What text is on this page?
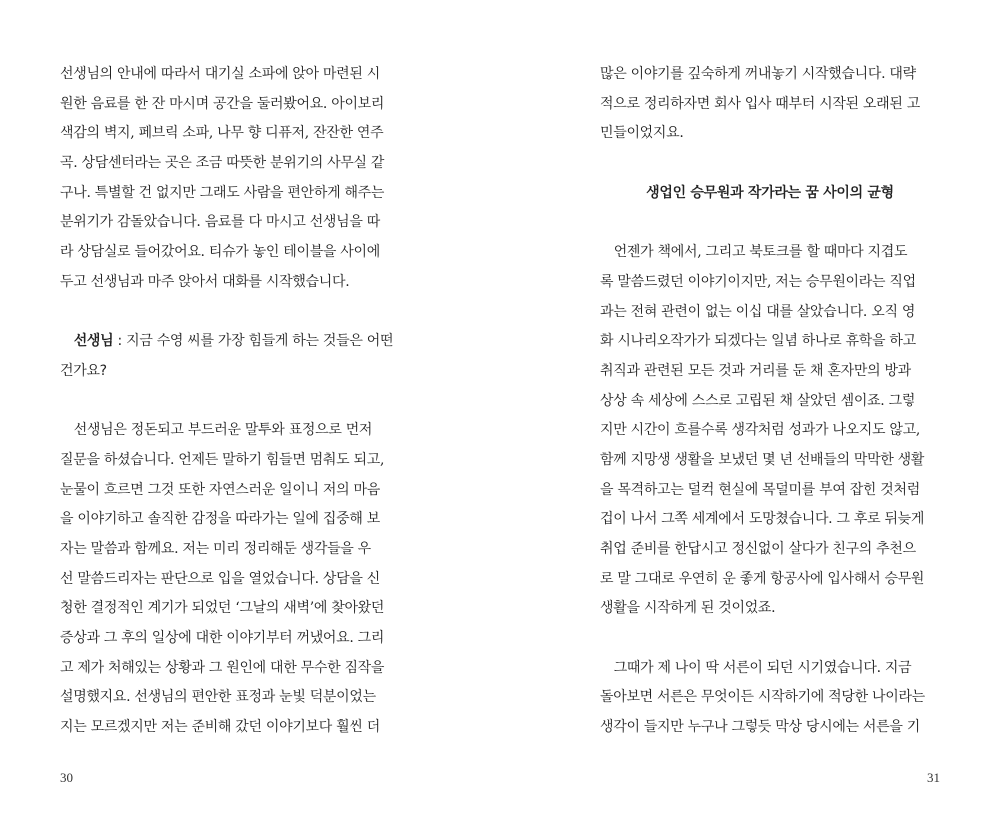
선생님의 안내에 따라서 대기실 소파에 앉아 마련된 시
원한 음료를 한 잔 마시며 공간을 둘러봤어요. 아이보리
색감의 벽지, 페브릭 소파, 나무 향 디퓨저, 잔잔한 연주
곡. 상담센터라는 곳은 조금 따뜻한 분위기의 사무실 같
구나. 특별할 건 없지만 그래도 사람을 편안하게 해주는
분위기가 감돌았습니다. 음료를 다 마시고 선생님을 따
라 상담실로 들어갔어요. 티슈가 놓인 테이블을 사이에
두고 선생님과 마주 앉아서 대화를 시작했습니다.
　선생님 : 지금 수영 씨를 가장 힘들게 하는 것들은 어떤
건가요?
　선생님은 정돈되고 부드러운 말투와 표정으로 먼저
질문을 하셨습니다. 언제든 말하기 힘들면 멈춰도 되고,
눈물이 흐르면 그것 또한 자연스러운 일이니 저의 마음
을 이야기하고 솔직한 감정을 따라가는 일에 집중해 보
자는 말씀과 함께요. 저는 미리 정리해둔 생각들을 우
선 말씀드리자는 판단으로 입을 열었습니다. 상담을 신
청한 결정적인 계기가 되었던 ‘그날의 새벽’에 찾아왔던
증상과 그 후의 일상에 대한 이야기부터 꺼냈어요. 그리
고 제가 처해있는 상황과 그 원인에 대한 무수한 짐작을
설명했지요. 선생님의 편안한 표정과 눈빛 덕분이었는
지는 모르겠지만 저는 준비해 갔던 이야기보다 훨씬 더
30
많은 이야기를 깊숙하게 꺼내놓기 시작했습니다. 대략
적으로 정리하자면 회사 입사 때부터 시작된 오래된 고
민들이었지요.
생업인 승무원과 작가라는 꿈 사이의 균형
　언젠가 책에서, 그리고 북토크를 할 때마다 지겹도
록 말씀드렸던 이야기이지만, 저는 승무원이라는 직업
과는 전혀 관련이 없는 이십 대를 살았습니다. 오직 영
화 시나리오작가가 되겠다는 일념 하나로 휴학을 하고
취직과 관련된 모든 것과 거리를 둔 채 혼자만의 방과
상상 속 세상에 스스로 고립된 채 살았던 셈이죠. 그렇
지만 시간이 흐를수록 생각처럼 성과가 나오지도 않고,
함께 지망생 생활을 보냈던 몇 년 선배들의 막막한 생활
을 목격하고는 덜컥 현실에 목덜미를 부여 잡힌 것처럼
겁이 나서 그쪽 세계에서 도망쳤습니다. 그 후로 뒤늦게
취업 준비를 한답시고 정신없이 살다가 친구의 추천으
로 말 그대로 우연히 운 좋게 항공사에 입사해서 승무원
생활을 시작하게 된 것이었죠.
　그때가 제 나이 딱 서른이 되던 시기였습니다. 지금
돌아보면 서른은 무엇이든 시작하기에 적당한 나이라는
생각이 들지만 누구나 그렇듯 막상 당시에는 서른을 기
31
